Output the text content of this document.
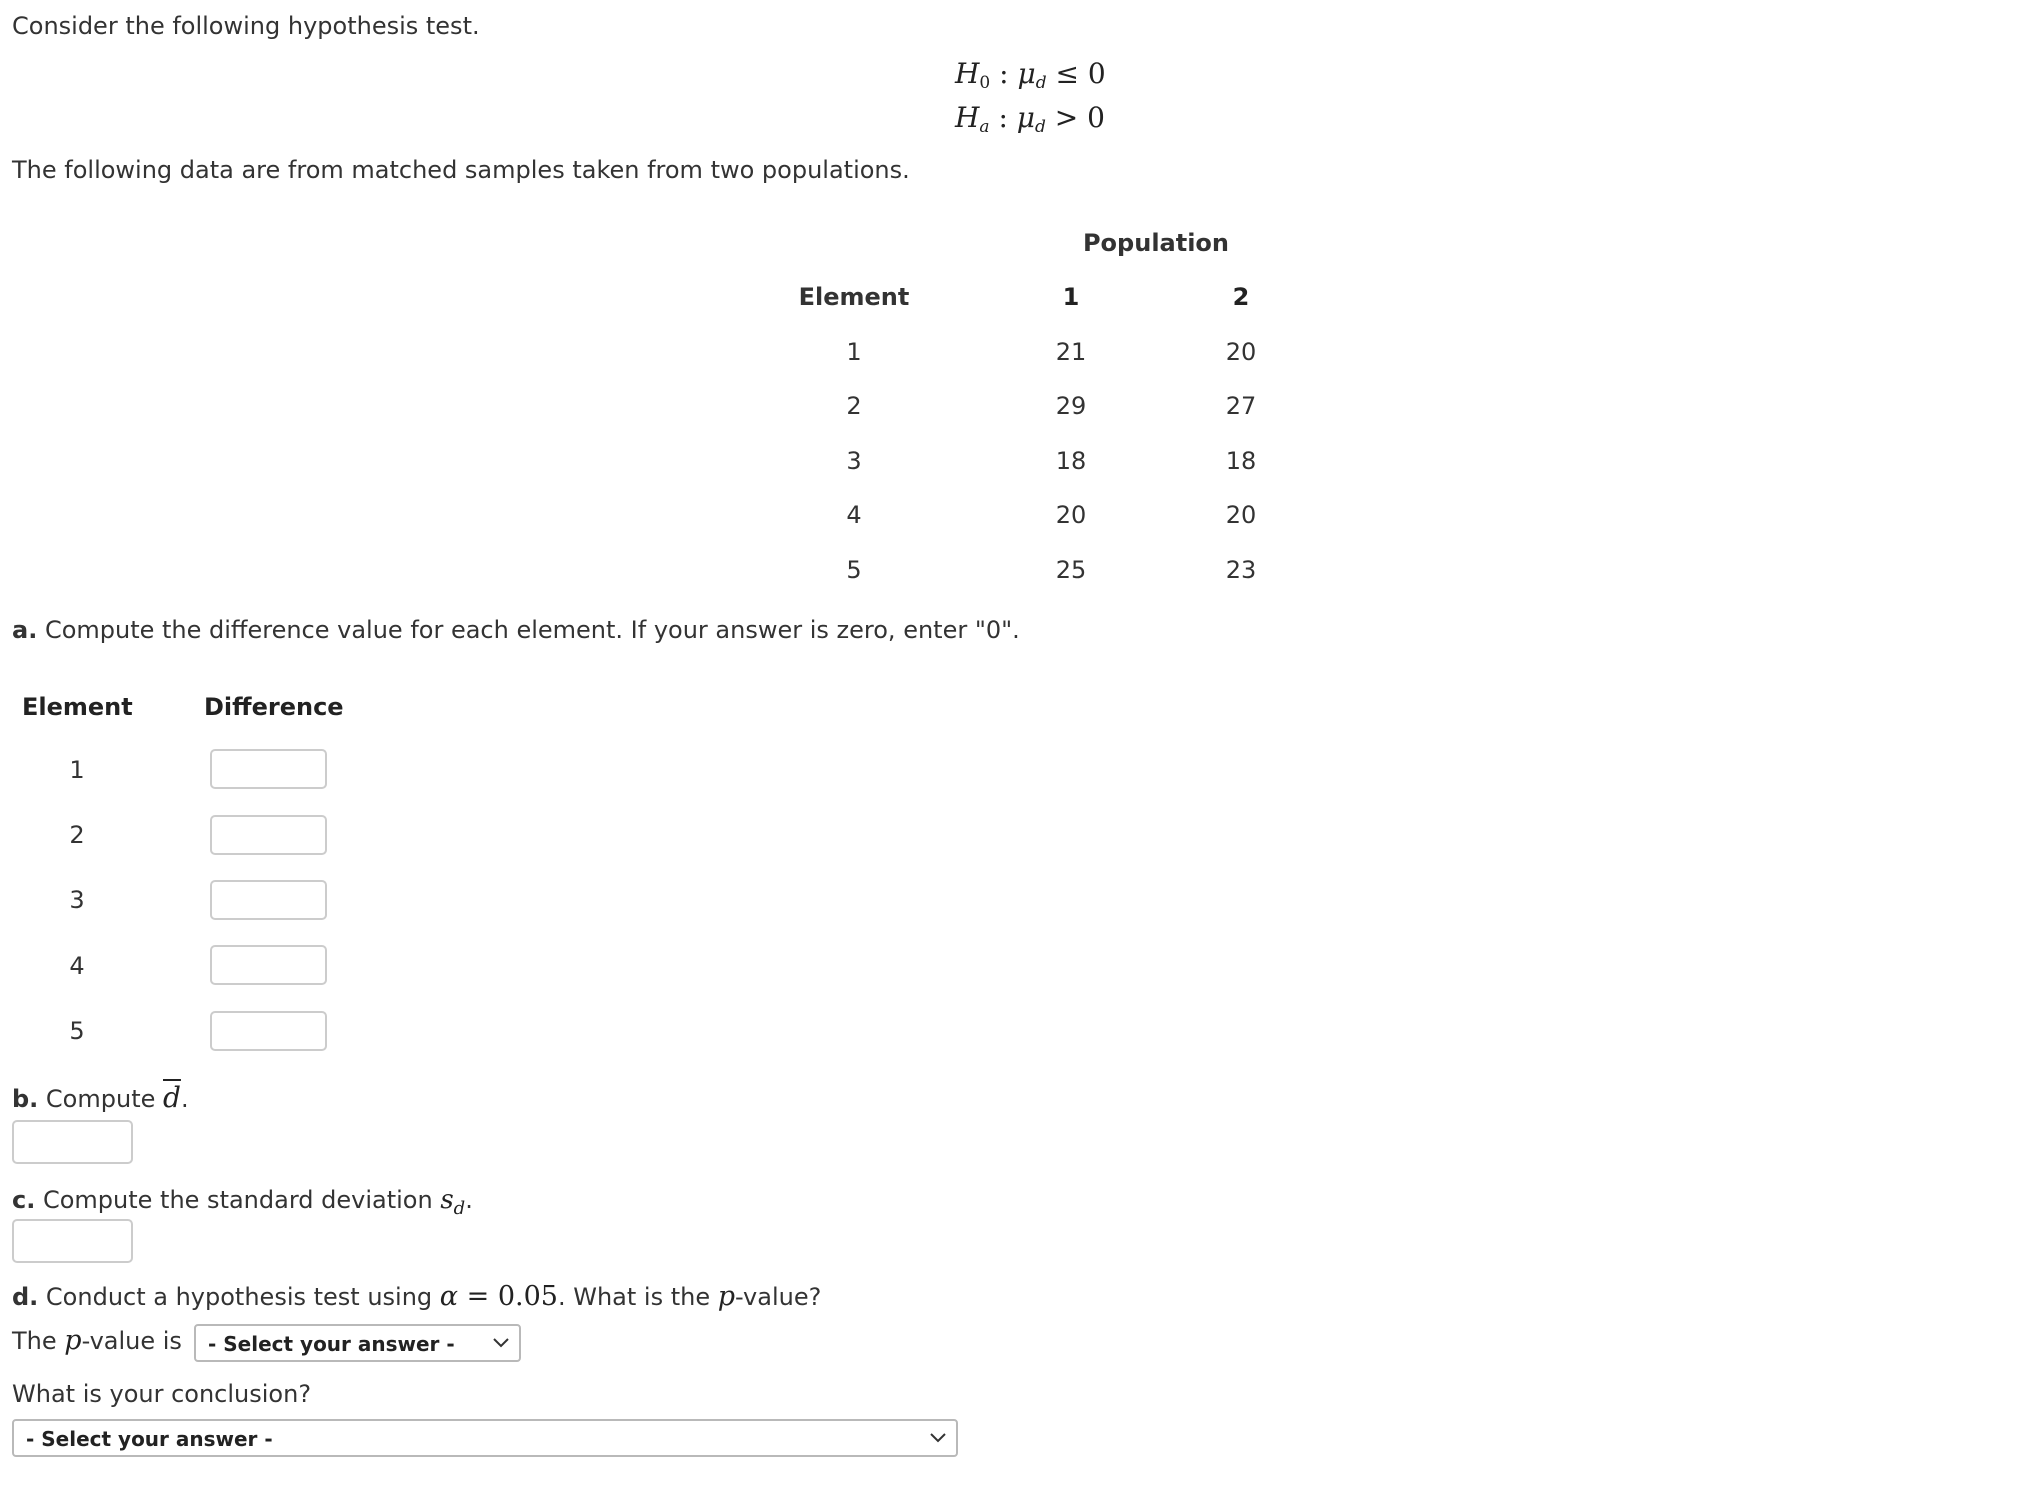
Consider the following hypothesis test.
$H_0$ : $\mu_d \le 0$
$H_a$ : $\mu_d > 0$
The following data are from matched samples taken from two populations.
Population
Element	1	2
1	21	20
2	29	27
3	18	18
4	20	20
5	25	23
a. Compute the difference value for each element. If your answer is zero, enter "0".
Element	Difference
1
2
3
4
5
b. Compute $\overline{d}$.
c. Compute the standard deviation $s_d$.
d. Conduct a hypothesis test using α = 0.05. What is the p-value?
The p-value is	- Select your answer -
What is your conclusion?
- Select your answer -
